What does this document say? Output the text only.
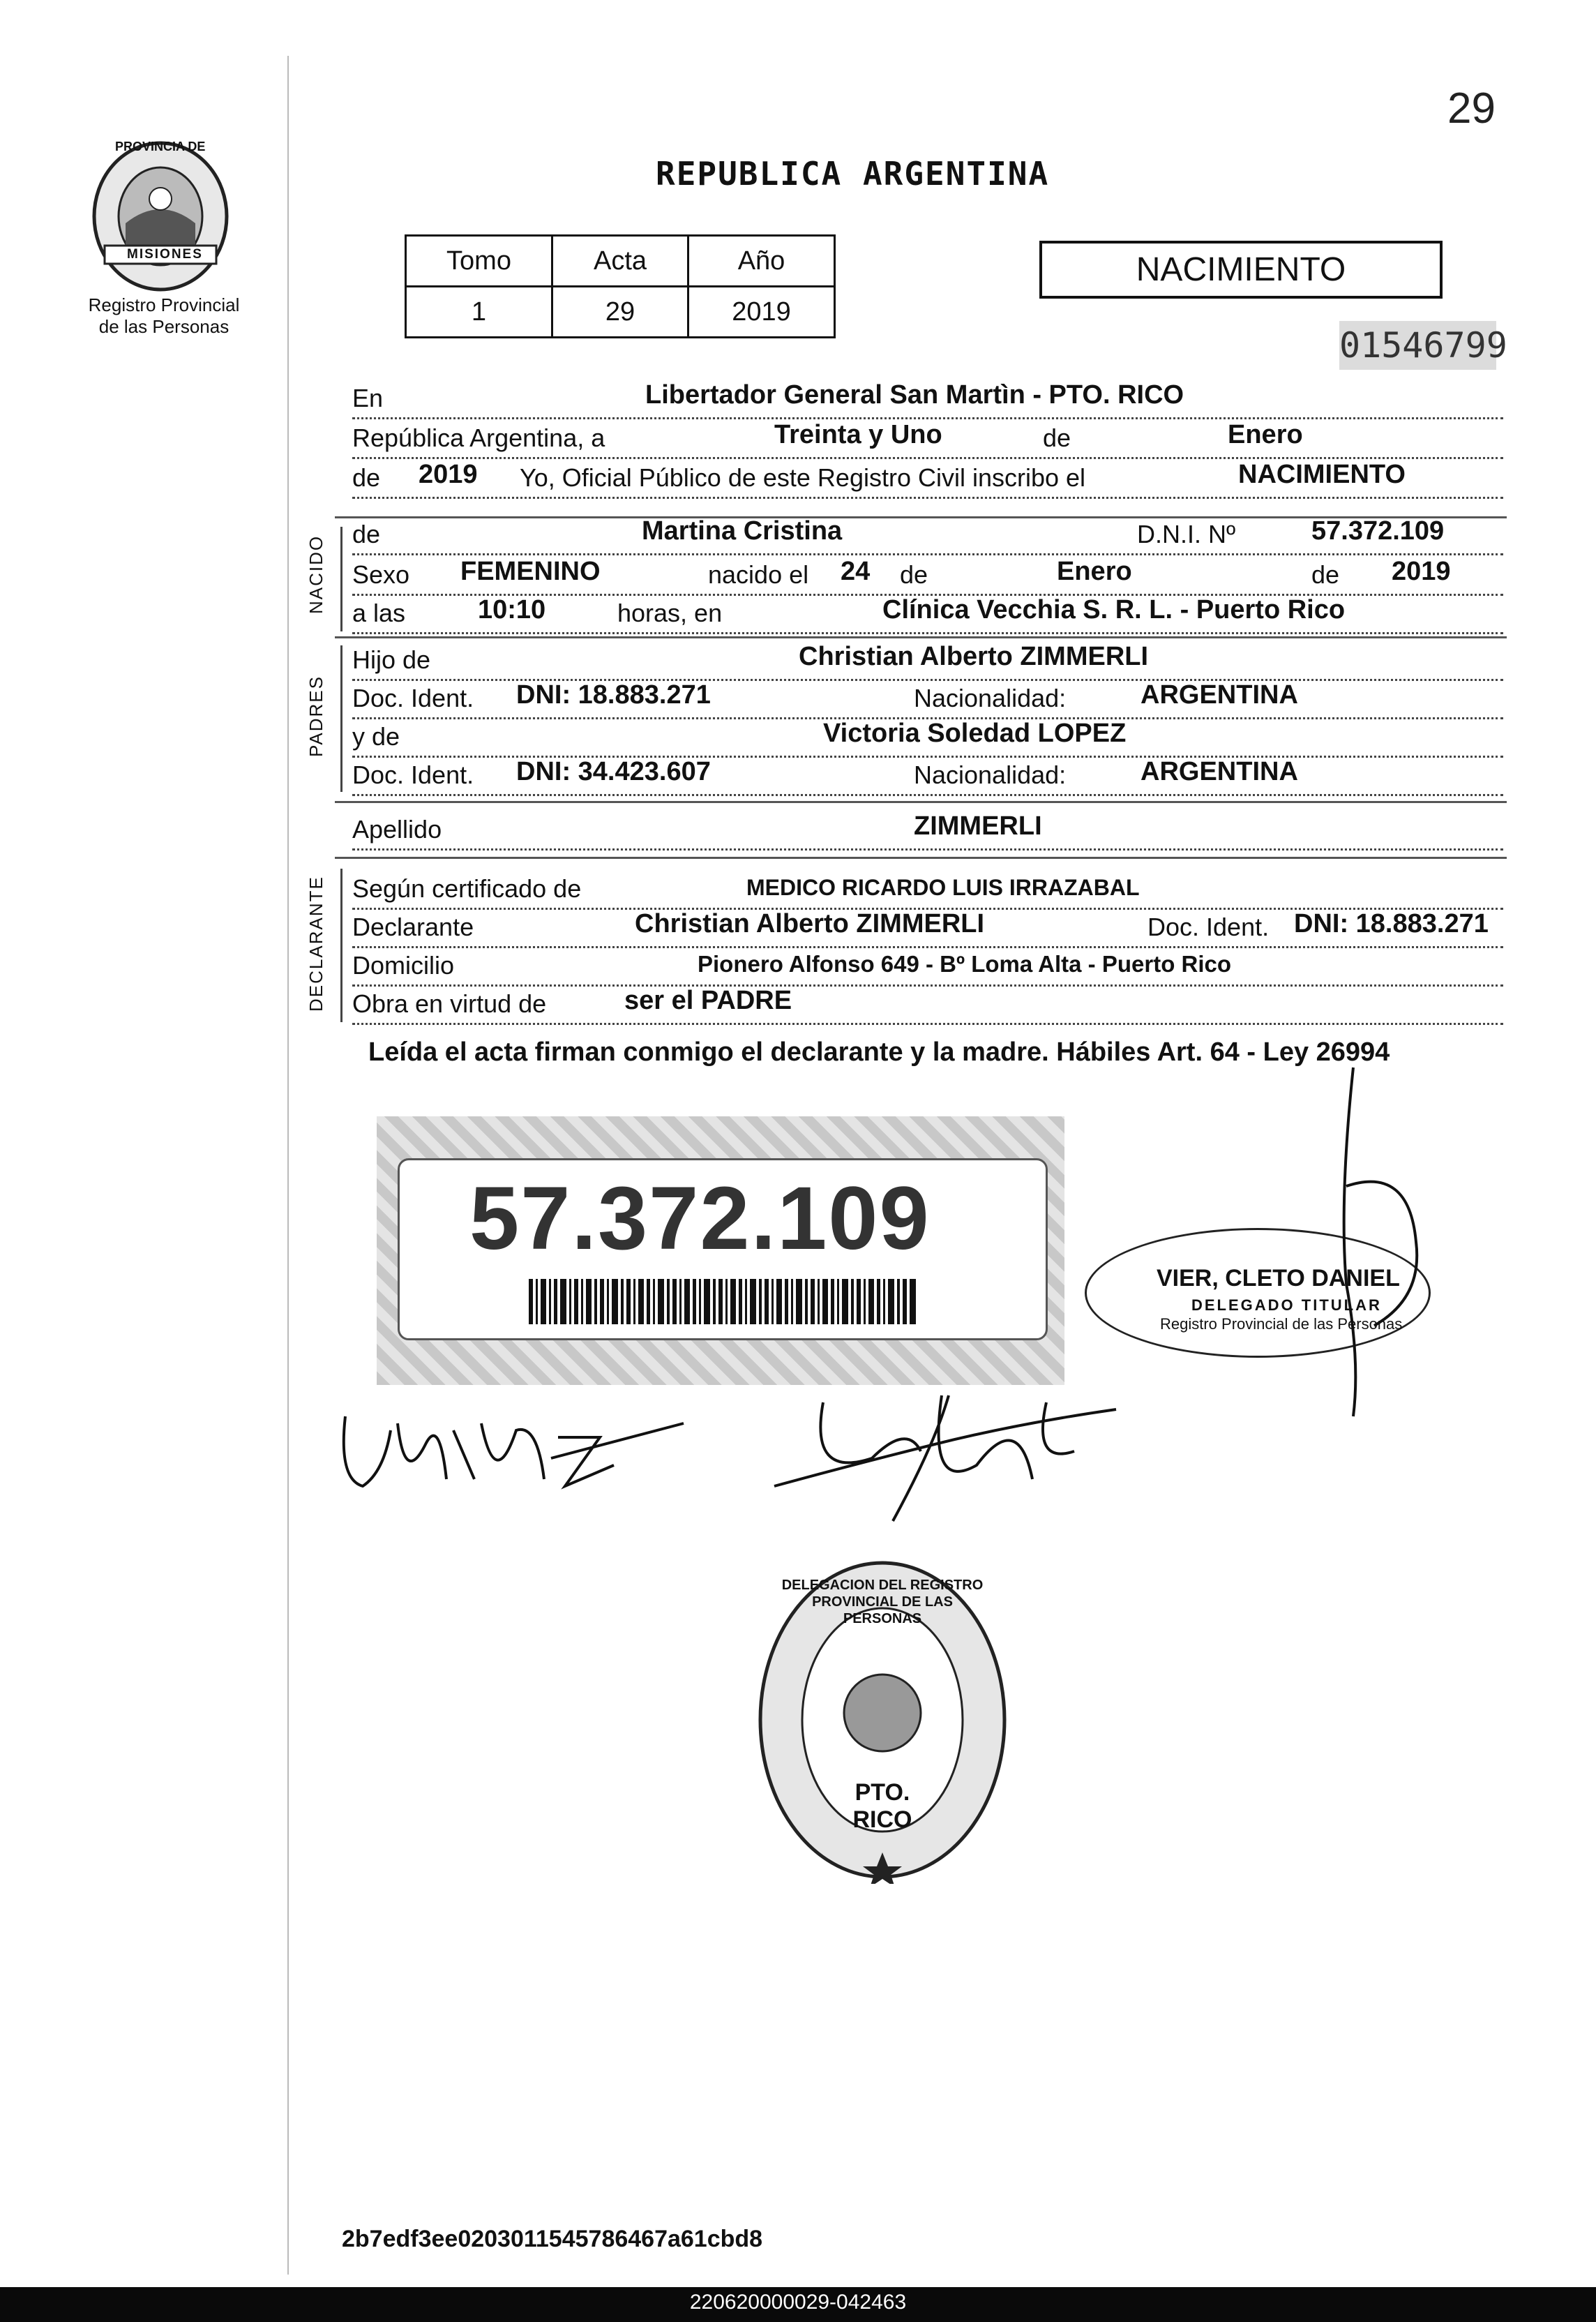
29
PROVINCIA DE
MISIONES
Registro Provincial
de las Personas
REPUBLICA ARGENTINA
Tomo	Acta	Año
1	29	2019
NACIMIENTO
01546799
En	Libertador General San Martìn - PTO. RICO
República Argentina, a	Treinta y Uno	de	Enero
de 2019 Yo, Oficial Público de este Registro Civil inscribo el	NACIMIENTO
NACIDO
de	Martina Cristina	D.N.I. Nº	57.372.109
Sexo FEMENINO	nacido el 24 de	Enero	de 2019
a las	10:10	horas, en	Clínica Vecchia S. R. L. - Puerto Rico
PADRES
Hijo de	Christian Alberto ZIMMERLI
Doc. Ident. DNI: 18.883.271	Nacionalidad:	ARGENTINA
y de	Victoria Soledad LOPEZ
Doc. Ident. DNI: 34.423.607	Nacionalidad:	ARGENTINA
Apellido	ZIMMERLI
DECLARANTE Según certificado de	MEDICO RICARDO LUIS IRRAZABAL
Declarante	Christian Alberto ZIMMERLI	Doc. Ident. DNI: 18.883.271
Domicilio	Pionero Alfonso 649 - Bº Loma Alta - Puerto Rico
Obra en virtud de	ser el PADRE
Leída el acta firman conmigo el declarante y la madre. Hábiles Art. 64 - Ley 26994
57.372.109
VIER, CLETO DANIEL
DELEGADO TITULAR
Registro Provincial de las Personas
DELEGACION DEL REGISTRO PROVINCIAL DE LAS PERSONAS
PTO. RICO
2b7edf3ee0203011545786467a61cbd8
220620000029-042463
